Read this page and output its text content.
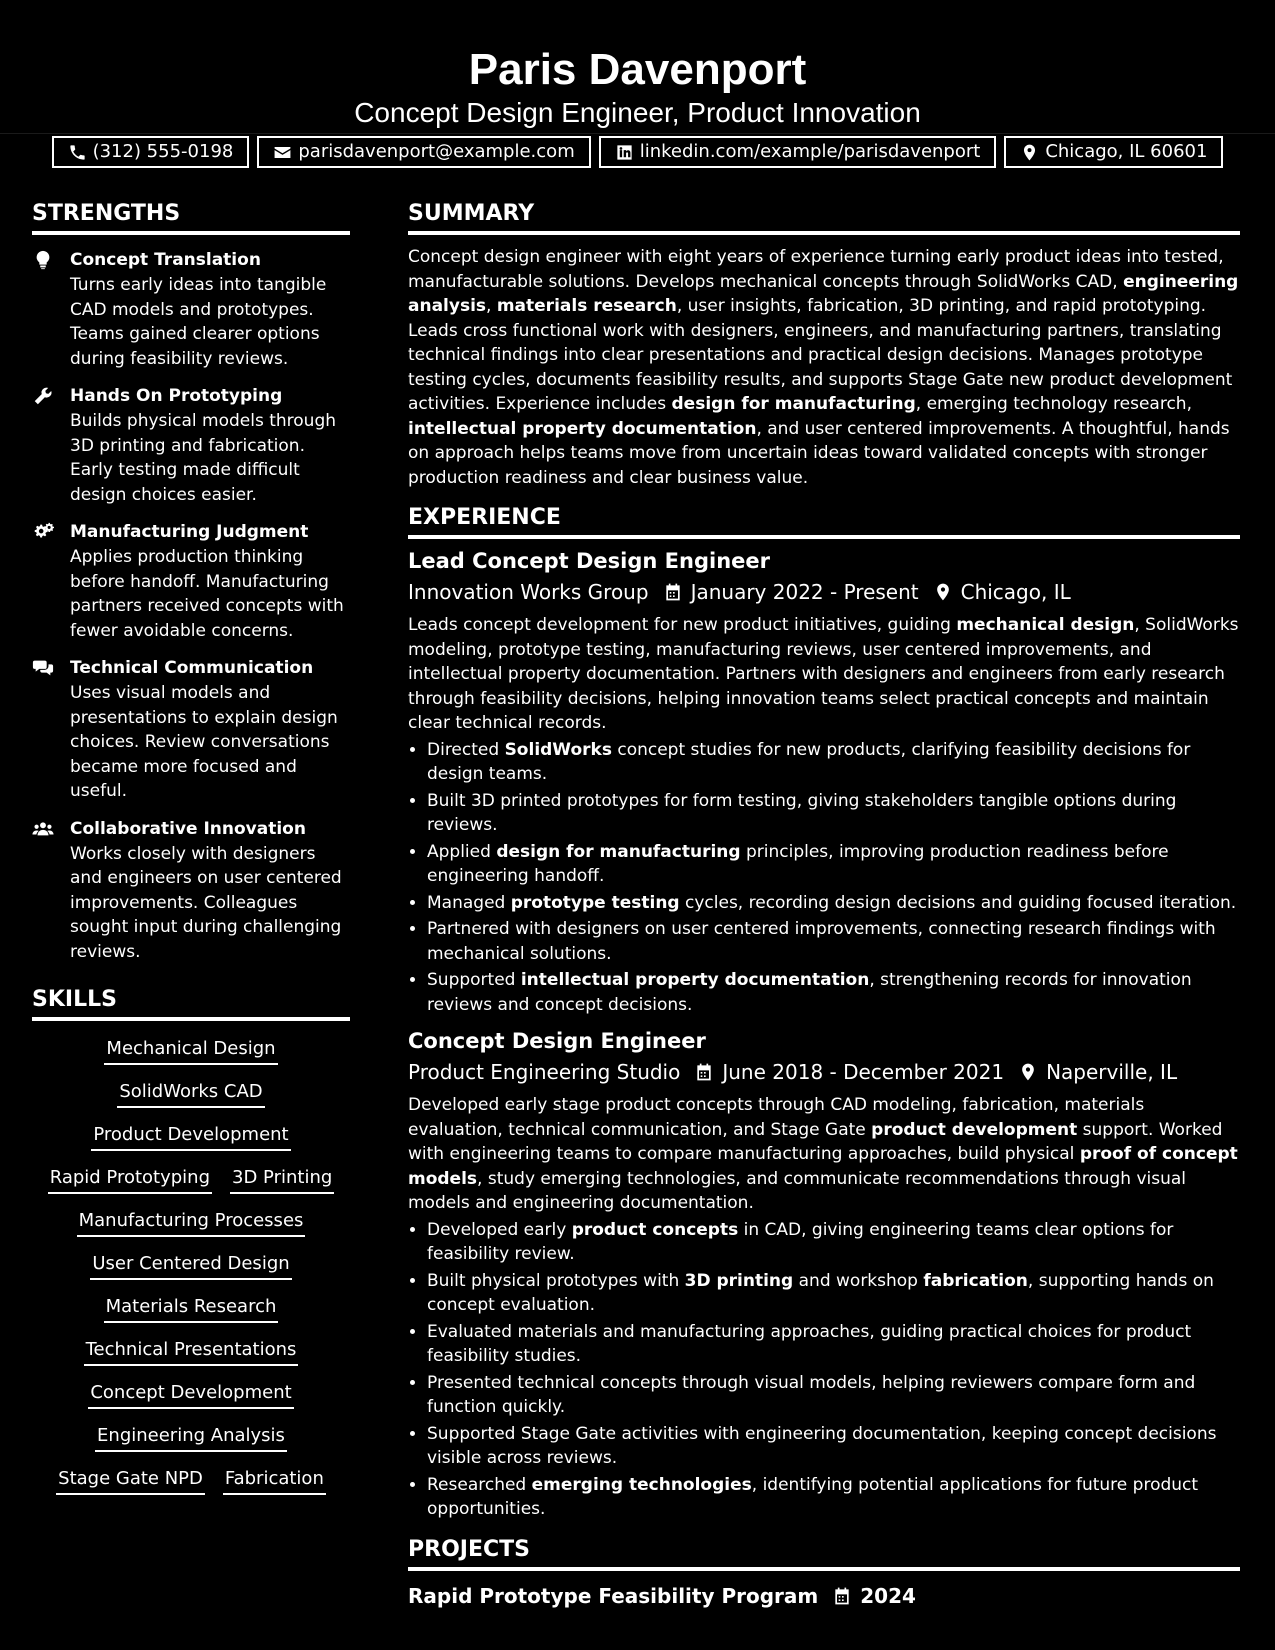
Paris Davenport
Concept Design Engineer, Product Innovation
(312) 555-0198	parisdavenport@example.com	linkedin.com/example/parisdavenport	Chicago, IL 60601
STRENGTHS
Concept Translation
Turns early ideas into tangible CAD models and prototypes. Teams gained clearer options during feasibility reviews.
Hands On Prototyping
Builds physical models through 3D printing and fabrication. Early testing made difficult design choices easier.
Manufacturing Judgment
Applies production thinking before handoff. Manufacturing partners received concepts with fewer avoidable concerns.
Technical Communication
Uses visual models and presentations to explain design choices. Review conversations became more focused and useful.
Collaborative Innovation
Works closely with designers and engineers on user centered improvements. Colleagues sought input during challenging reviews.
SKILLS
Mechanical Design
SolidWorks CAD
Product Development
Rapid Prototyping 3D Printing
Manufacturing Processes
User Centered Design
Materials Research
Technical Presentations
Concept Development
Engineering Analysis
Stage Gate NPD Fabrication
SUMMARY
Concept design engineer with eight years of experience turning early product ideas into tested, manufacturable solutions. Develops mechanical concepts through SolidWorks CAD, engineering analysis, materials research, user insights, fabrication, 3D printing, and rapid prototyping. Leads cross functional work with designers, engineers, and manufacturing partners, translating technical findings into clear presentations and practical design decisions. Manages prototype testing cycles, documents feasibility results, and supports Stage Gate new product development activities. Experience includes design for manufacturing, emerging technology research, intellectual property documentation, and user centered improvements. A thoughtful, hands on approach helps teams move from uncertain ideas toward validated concepts with stronger production readiness and clear business value.
EXPERIENCE
Lead Concept Design Engineer
Innovation Works Group January 2022 - Present Chicago, IL
Leads concept development for new product initiatives, guiding mechanical design, SolidWorks modeling, prototype testing, manufacturing reviews, user centered improvements, and intellectual property documentation. Partners with designers and engineers from early research through feasibility decisions, helping innovation teams select practical concepts and maintain clear technical records.
• Directed SolidWorks concept studies for new products, clarifying feasibility decisions for design teams.
• Built 3D printed prototypes for form testing, giving stakeholders tangible options during reviews.
• Applied design for manufacturing principles, improving production readiness before engineering handoff.
• Managed prototype testing cycles, recording design decisions and guiding focused iteration.
• Partnered with designers on user centered improvements, connecting research findings with mechanical solutions.
• Supported intellectual property documentation, strengthening records for innovation reviews and concept decisions.
Concept Design Engineer
Product Engineering Studio June 2018 - December 2021 Naperville, IL
Developed early stage product concepts through CAD modeling, fabrication, materials evaluation, technical communication, and Stage Gate product development support. Worked with engineering teams to compare manufacturing approaches, build physical proof of concept models, study emerging technologies, and communicate recommendations through visual models and engineering documentation.
• Developed early product concepts in CAD, giving engineering teams clear options for feasibility review.
• Built physical prototypes with 3D printing and workshop fabrication, supporting hands on concept evaluation.
• Evaluated materials and manufacturing approaches, guiding practical choices for product feasibility studies.
• Presented technical concepts through visual models, helping reviewers compare form and function quickly.
• Supported Stage Gate activities with engineering documentation, keeping concept decisions visible across reviews.
• Researched emerging technologies, identifying potential applications for future product opportunities.
PROJECTS
Rapid Prototype Feasibility Program 2024
